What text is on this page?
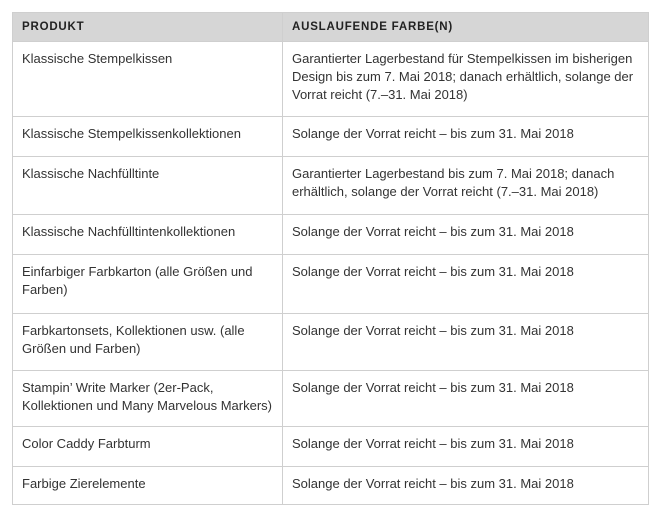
PRODUKT	AUSLAUFENDE FARBE(N)
Klassische Stempelkissen	Garantierter Lagerbestand für Stempelkissen im bisherigen Design bis zum 7. Mai 2018; danach erhältlich, solange der Vorrat reicht (7.–31. Mai 2018)
Klassische Stempelkissenkollektionen	Solange der Vorrat reicht – bis zum 31. Mai 2018
Klassische Nachfülltinte	Garantierter Lagerbestand bis zum 7. Mai 2018; danach erhältlich, solange der Vorrat reicht (7.–31. Mai 2018)
Klassische Nachfülltintenkollektionen	Solange der Vorrat reicht – bis zum 31. Mai 2018
Einfarbiger Farbkarton (alle Größen und Farben)	Solange der Vorrat reicht – bis zum 31. Mai 2018
Farbkartonsets, Kollektionen usw. (alle Größen und Farben)	Solange der Vorrat reicht – bis zum 31. Mai 2018
Stampin’ Write Marker (2er-Pack, Kollektionen und Many Marvelous Markers)	Solange der Vorrat reicht – bis zum 31. Mai 2018
Color Caddy Farbturm	Solange der Vorrat reicht – bis zum 31. Mai 2018
Farbige Zierelemente	Solange der Vorrat reicht – bis zum 31. Mai 2018
